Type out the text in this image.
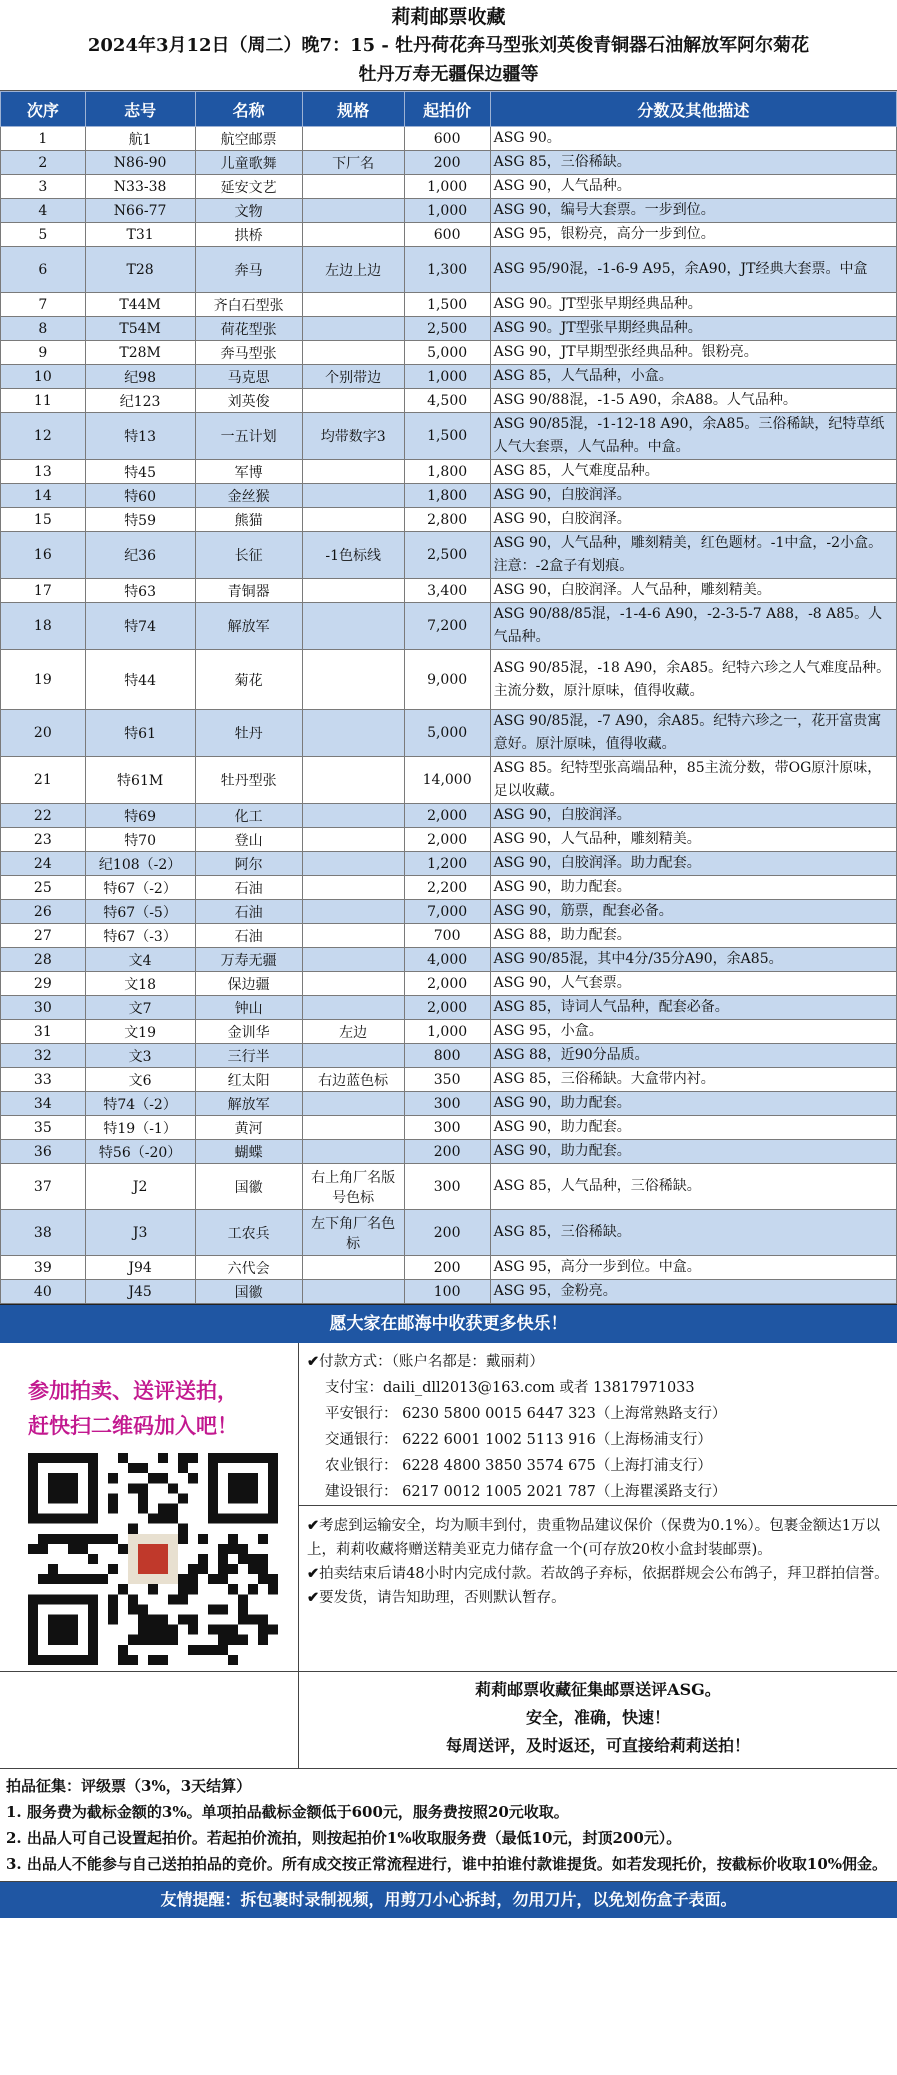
莉莉邮票收藏
2024年3月12日（周二）晚7：15 - 牡丹荷花奔马型张刘英俊青铜器石油解放军阿尔菊花
牡丹万寿无疆保边疆等
次序	志号	名称	规格	起拍价	分数及其他描述
1	航1	航空邮票		600	ASG 90。
2	N86-90	儿童歌舞	下厂名	200	ASG 85，三俗稀缺。
3	N33-38	延安文艺		1,000	ASG 90，人气品种。
4	N66-77	文物		1,000	ASG 90，编号大套票。一步到位。
5	T31	拱桥		600	ASG 95，银粉亮，高分一步到位。
6	T28	奔马	左边上边	1,300	ASG 95/90混，-1-6-9 A95，余A90，JT经典大套票。中盒
7	T44M	齐白石型张		1,500	ASG 90。JT型张早期经典品种。
8	T54M	荷花型张		2,500	ASG 90。JT型张早期经典品种。
9	T28M	奔马型张		5,000	ASG 90，JT早期型张经典品种。银粉亮。
10	纪98	马克思	个别带边	1,000	ASG 85，人气品种，小盒。
11	纪123	刘英俊		4,500	ASG 90/88混，-1-5 A90，余A88。人气品种。
12	特13	一五计划	均带数字3	1,500	ASG 90/85混，-1-12-18 A90，余A85。三俗稀缺，纪特草纸人气大套票，人气品种。中盒。
13	特45	军博		1,800	ASG 85，人气难度品种。
14	特60	金丝猴		1,800	ASG 90，白胶润泽。
15	特59	熊猫		2,800	ASG 90，白胶润泽。
16	纪36	长征	-1色标线	2,500	ASG 90，人气品种，雕刻精美，红色题材。-1中盒，-2小盒。注意：-2盒子有划痕。
17	特63	青铜器		3,400	ASG 90，白胶润泽。人气品种，雕刻精美。
18	特74	解放军		7,200	ASG 90/88/85混，-1-4-6 A90，-2-3-5-7 A88，-8 A85。人气品种。
19	特44	菊花		9,000	ASG 90/85混，-18 A90，余A85。纪特六珍之人气难度品种。主流分数，原汁原味，值得收藏。
20	特61	牡丹		5,000	ASG 90/85混，-7 A90，余A85。纪特六珍之一，花开富贵寓意好。原汁原味，值得收藏。
21	特61M	牡丹型张		14,000	ASG 85。纪特型张高端品种，85主流分数，带OG原汁原味，足以收藏。
22	特69	化工		2,000	ASG 90，白胶润泽。
23	特70	登山		2,000	ASG 90，人气品种，雕刻精美。
24	纪108（-2）	阿尔		1,200	ASG 90，白胶润泽。助力配套。
25	特67（-2）	石油		2,200	ASG 90，助力配套。
26	特67（-5）	石油		7,000	ASG 90，筋票，配套必备。
27	特67（-3）	石油		700	ASG 88，助力配套。
28	文4	万寿无疆		4,000	ASG 90/85混，其中4分/35分A90，余A85。
29	文18	保边疆		2,000	ASG 90，人气套票。
30	文7	钟山		2,000	ASG 85，诗词人气品种，配套必备。
31	文19	金训华	左边	1,000	ASG 95，小盒。
32	文3	三行半		800	ASG 88，近90分品质。
33	文6	红太阳	右边蓝色标	350	ASG 85，三俗稀缺。大盒带内衬。
34	特74（-2）	解放军		300	ASG 90，助力配套。
35	特19（-1）	黄河		300	ASG 90，助力配套。
36	特56（-20）	蝴蝶		200	ASG 90，助力配套。
37	J2	国徽	右上角厂名版号色标	300	ASG 85，人气品种，三俗稀缺。
38	J3	工农兵	左下角厂名色标	200	ASG 85，三俗稀缺。
39	J94	六代会		200	ASG 95，高分一步到位。中盒。
40	J45	国徽		100	ASG 95，金粉亮。
愿大家在邮海中收获更多快乐！
参加拍卖、送评送拍，
赶快扫二维码加入吧！
✔付款方式：（账户名都是：戴丽莉）
支付宝：daili_dll2013@163.com 或者 13817971033
平安银行： 6230 5800 0015 6447 323（上海常熟路支行）
交通银行： 6222 6001 1002 5113 916（上海杨浦支行）
农业银行： 6228 4800 3850 3574 675（上海打浦支行）
建设银行： 6217 0012 1005 2021 787（上海瞿溪路支行）
✔考虑到运输安全，均为顺丰到付，贵重物品建议保价（保费为0.1%）。包裹金额达1万以上，莉莉收藏将赠送精美亚克力储存盒一个(可存放20枚小盒封装邮票)。
✔拍卖结束后请48小时内完成付款。若故鸽子弃标，依据群规会公布鸽子，拜卫群拍信誉。
✔要发货，请告知助理，否则默认暂存。
莉莉邮票收藏征集邮票送评ASG。
安全，准确，快速！
每周送评，及时返还，可直接给莉莉送拍！
拍品征集：评级票（3%，3天结算）
1. 服务费为截标金额的3%。单项拍品截标金额低于600元，服务费按照20元收取。
2. 出品人可自己设置起拍价。若起拍价流拍，则按起拍价1%收取服务费（最低10元，封顶200元）。
3. 出品人不能参与自己送拍拍品的竞价。所有成交按正常流程进行，谁中拍谁付款谁提货。如若发现托价，按截标价收取10%佣金。
友情提醒：拆包裹时录制视频，用剪刀小心拆封，勿用刀片，以免划伤盒子表面。
